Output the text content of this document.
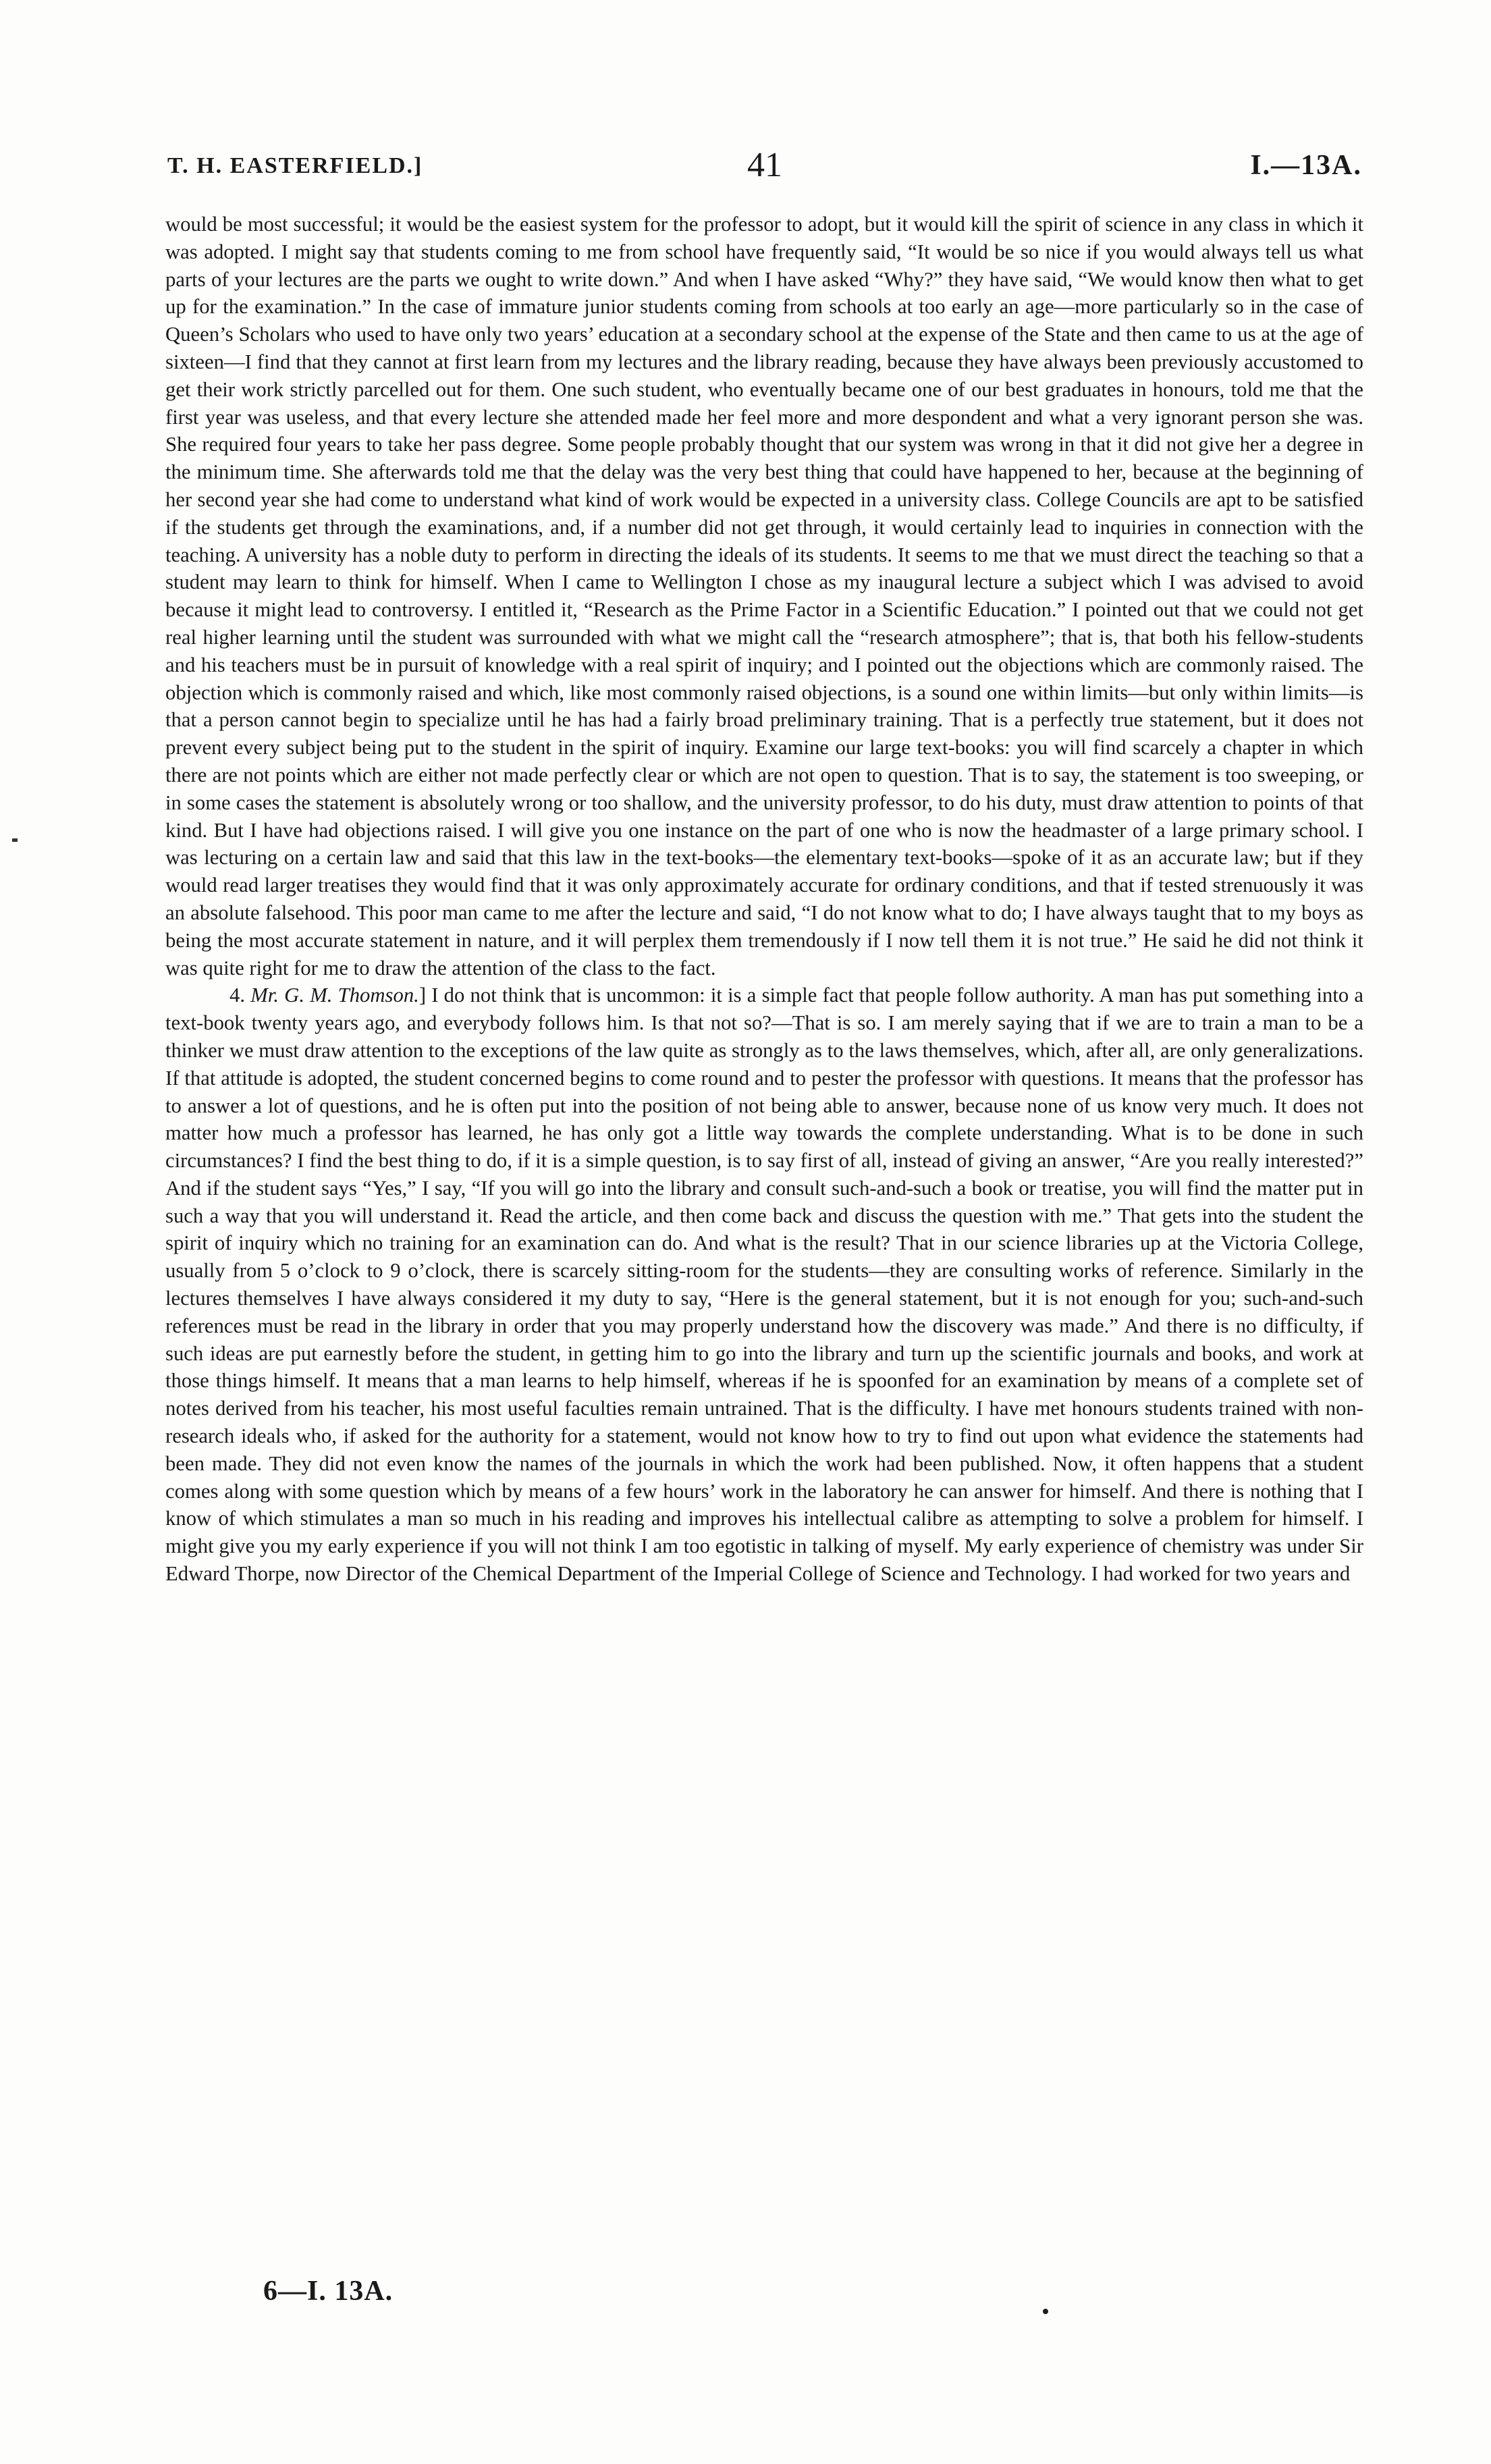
T. H. EASTERFIELD.]	41	I.—13A.

would be most successful; it would be the easiest system for the professor to adopt, but it would kill the spirit of science in any class in which it was adopted. I might say that students coming to me from school have frequently said, “It would be so nice if you would always tell us what parts of your lectures are the parts we ought to write down.” And when I have asked “Why?” they have said, “We would know then what to get up for the examination.” In the case of immature junior students coming from schools at too early an age—more particularly so in the case of Queen’s Scholars who used to have only two years’ education at a secondary school at the expense of the State and then came to us at the age of sixteen—I find that they cannot at first learn from my lectures and the library reading, because they have always been previously accustomed to get their work strictly parcelled out for them. One such student, who eventually became one of our best graduates in honours, told me that the first year was useless, and that every lecture she attended made her feel more and more despondent and what a very ignorant person she was. She required four years to take her pass degree. Some people probably thought that our system was wrong in that it did not give her a degree in the minimum time. She afterwards told me that the delay was the very best thing that could have happened to her, because at the beginning of her second year she had come to understand what kind of work would be expected in a university class. College Councils are apt to be satisfied if the students get through the examinations, and, if a number did not get through, it would certainly lead to inquiries in connection with the teaching. A university has a noble duty to perform in directing the ideals of its students. It seems to me that we must direct the teaching so that a student may learn to think for himself. When I came to Wellington I chose as my inaugural lecture a subject which I was advised to avoid because it might lead to controversy. I entitled it, “Research as the Prime Factor in a Scientific Education.” I pointed out that we could not get real higher learning until the student was surrounded with what we might call the “research atmosphere”; that is, that both his fellow-students and his teachers must be in pursuit of knowledge with a real spirit of inquiry; and I pointed out the objections which are commonly raised. The objection which is commonly raised and which, like most commonly raised objections, is a sound one within limits—but only within limits—is that a person cannot begin to specialize until he has had a fairly broad preliminary training. That is a perfectly true statement, but it does not prevent every subject being put to the student in the spirit of inquiry. Examine our large text-books: you will find scarcely a chapter in which there are not points which are either not made perfectly clear or which are not open to question. That is to say, the statement is too sweeping, or in some cases the statement is absolutely wrong or too shallow, and the university professor, to do his duty, must draw attention to points of that kind. But I have had objections raised. I will give you one instance on the part of one who is now the headmaster of a large primary school. I was lecturing on a certain law and said that this law in the text-books—the elementary text-books—spoke of it as an accurate law; but if they would read larger treatises they would find that it was only approximately accurate for ordinary conditions, and that if tested strenuously it was an absolute falsehood. This poor man came to me after the lecture and said, “I do not know what to do; I have always taught that to my boys as being the most accurate statement in nature, and it will perplex them tremendously if I now tell them it is not true.” He said he did not think it was quite right for me to draw the attention of the class to the fact.

4. Mr. G. M. Thomson.] I do not think that is uncommon: it is a simple fact that people follow authority. A man has put something into a text-book twenty years ago, and everybody follows him. Is that not so?—That is so. I am merely saying that if we are to train a man to be a thinker we must draw attention to the exceptions of the law quite as strongly as to the laws themselves, which, after all, are only generalizations. If that attitude is adopted, the student concerned begins to come round and to pester the professor with questions. It means that the professor has to answer a lot of questions, and he is often put into the position of not being able to answer, because none of us know very much. It does not matter how much a professor has learned, he has only got a little way towards the complete understanding. What is to be done in such circumstances? I find the best thing to do, if it is a simple question, is to say first of all, instead of giving an answer, “Are you really interested?” And if the student says “Yes,” I say, “If you will go into the library and consult such-and-such a book or treatise, you will find the matter put in such a way that you will understand it. Read the article, and then come back and discuss the question with me.” That gets into the student the spirit of inquiry which no training for an examination can do. And what is the result? That in our science libraries up at the Victoria College, usually from 5 o’clock to 9 o’clock, there is scarcely sitting-room for the students—they are consulting works of reference. Similarly in the lectures themselves I have always considered it my duty to say, “Here is the general statement, but it is not enough for you; such-and-such references must be read in the library in order that you may properly understand how the discovery was made.” And there is no difficulty, if such ideas are put earnestly before the student, in getting him to go into the library and turn up the scientific journals and books, and work at those things himself. It means that a man learns to help himself, whereas if he is spoonfed for an examination by means of a complete set of notes derived from his teacher, his most useful faculties remain untrained. That is the difficulty. I have met honours students trained with non-research ideals who, if asked for the authority for a statement, would not know how to try to find out upon what evidence the statements had been made. They did not even know the names of the journals in which the work had been published. Now, it often happens that a student comes along with some question which by means of a few hours’ work in the laboratory he can answer for himself. And there is nothing that I know of which stimulates a man so much in his reading and improves his intellectual calibre as attempting to solve a problem for himself. I might give you my early experience if you will not think I am too egotistic in talking of myself. My early experience of chemistry was under Sir Edward Thorpe, now Director of the Chemical Department of the Imperial College of Science and Technology. I had worked for two years and

6—I. 13A.
